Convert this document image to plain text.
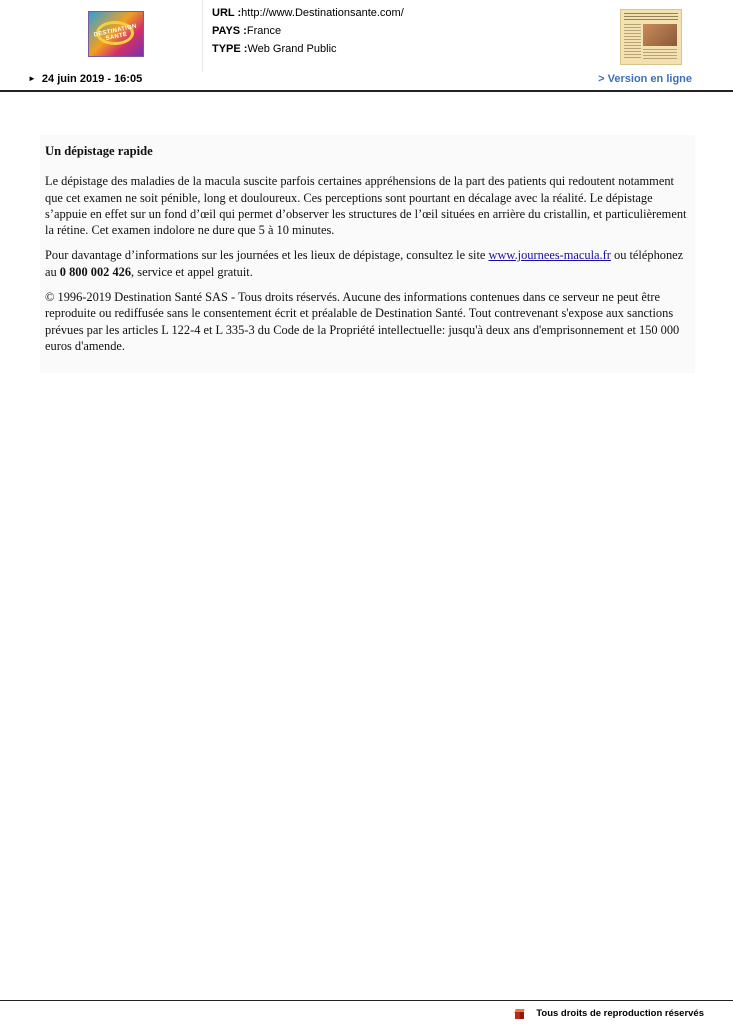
DESTINATION SANTÉ
URL :http://www.Destinationsante.com/
PAYS :France
TYPE :Web Grand Public
► 24 juin 2019 - 16:05	> Version en ligne
Un dépistage rapide

Le dépistage des maladies de la macula suscite parfois certaines appréhensions de la part des patients qui redoutent notamment que cet examen ne soit pénible, long et douloureux. Ces perceptions sont pourtant en décalage avec la réalité. Le dépistage s’appuie en effet sur un fond d’œil qui permet d’observer les structures de l’œil situées en arrière du cristallin, et particulièrement la rétine. Cet examen indolore ne dure que 5 à 10 minutes.

Pour davantage d’informations sur les journées et les lieux de dépistage, consultez le site www.journees-macula.fr ou téléphonez au 0 800 002 426, service et appel gratuit.

© 1996-2019 Destination Santé SAS - Tous droits réservés. Aucune des informations contenues dans ce serveur ne peut être reproduite ou rediffusée sans le consentement écrit et préalable de Destination Santé. Tout contrevenant s'expose aux sanctions prévues par les articles L 122-4 et L 335-3 du Code de la Propriété intellectuelle: jusqu'à deux ans d'emprisonnement et 150 000 euros d'amende.

Tous droits de reproduction réservés
